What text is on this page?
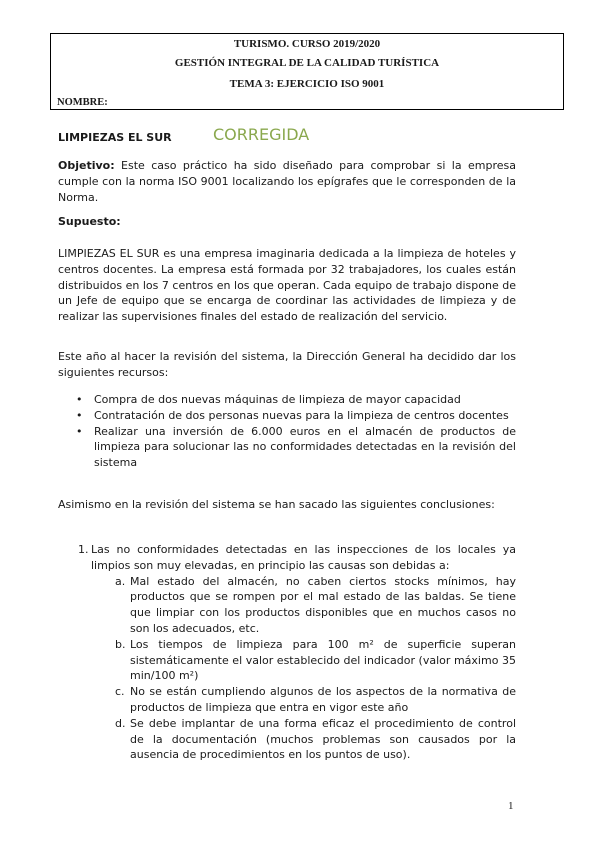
TURISMO. CURSO 2019/2020
GESTIÓN INTEGRAL DE LA CALIDAD TURÍSTICA
TEMA 3: EJERCICIO ISO 9001
NOMBRE:
LIMPIEZAS EL SUR	CORREGIDA
Objetivo: Este caso práctico ha sido diseñado para comprobar si la empresa cumple con la norma ISO 9001 localizando los epígrafes que le corresponden de la Norma.
Supuesto:
LIMPIEZAS EL SUR es una empresa imaginaria dedicada a la limpieza de hoteles y centros docentes. La empresa está formada por 32 trabajadores, los cuales están distribuidos en los 7 centros en los que operan. Cada equipo de trabajo dispone de un Jefe de equipo que se encarga de coordinar las actividades de limpieza y de realizar las supervisiones finales del estado de realización del servicio.
Este año al hacer la revisión del sistema, la Dirección General ha decidido dar los siguientes recursos:
• Compra de dos nuevas máquinas de limpieza de mayor capacidad
• Contratación de dos personas nuevas para la limpieza de centros docentes
• Realizar una inversión de 6.000 euros en el almacén de productos de limpieza para solucionar las no conformidades detectadas en la revisión del sistema
Asimismo en la revisión del sistema se han sacado las siguientes conclusiones:
1. Las no conformidades detectadas en las inspecciones de los locales ya limpios son muy elevadas, en principio las causas son debidas a:
a. Mal estado del almacén, no caben ciertos stocks mínimos, hay productos que se rompen por el mal estado de las baldas. Se tiene que limpiar con los productos disponibles que en muchos casos no son los adecuados, etc.
b. Los tiempos de limpieza para 100 m² de superficie superan sistemáticamente el valor establecido del indicador (valor máximo 35 min/100 m²)
c. No se están cumpliendo algunos de los aspectos de la normativa de productos de limpieza que entra en vigor este año
d. Se debe implantar de una forma eficaz el procedimiento de control de la documentación (muchos problemas son causados por la ausencia de procedimientos en los puntos de uso).
1
